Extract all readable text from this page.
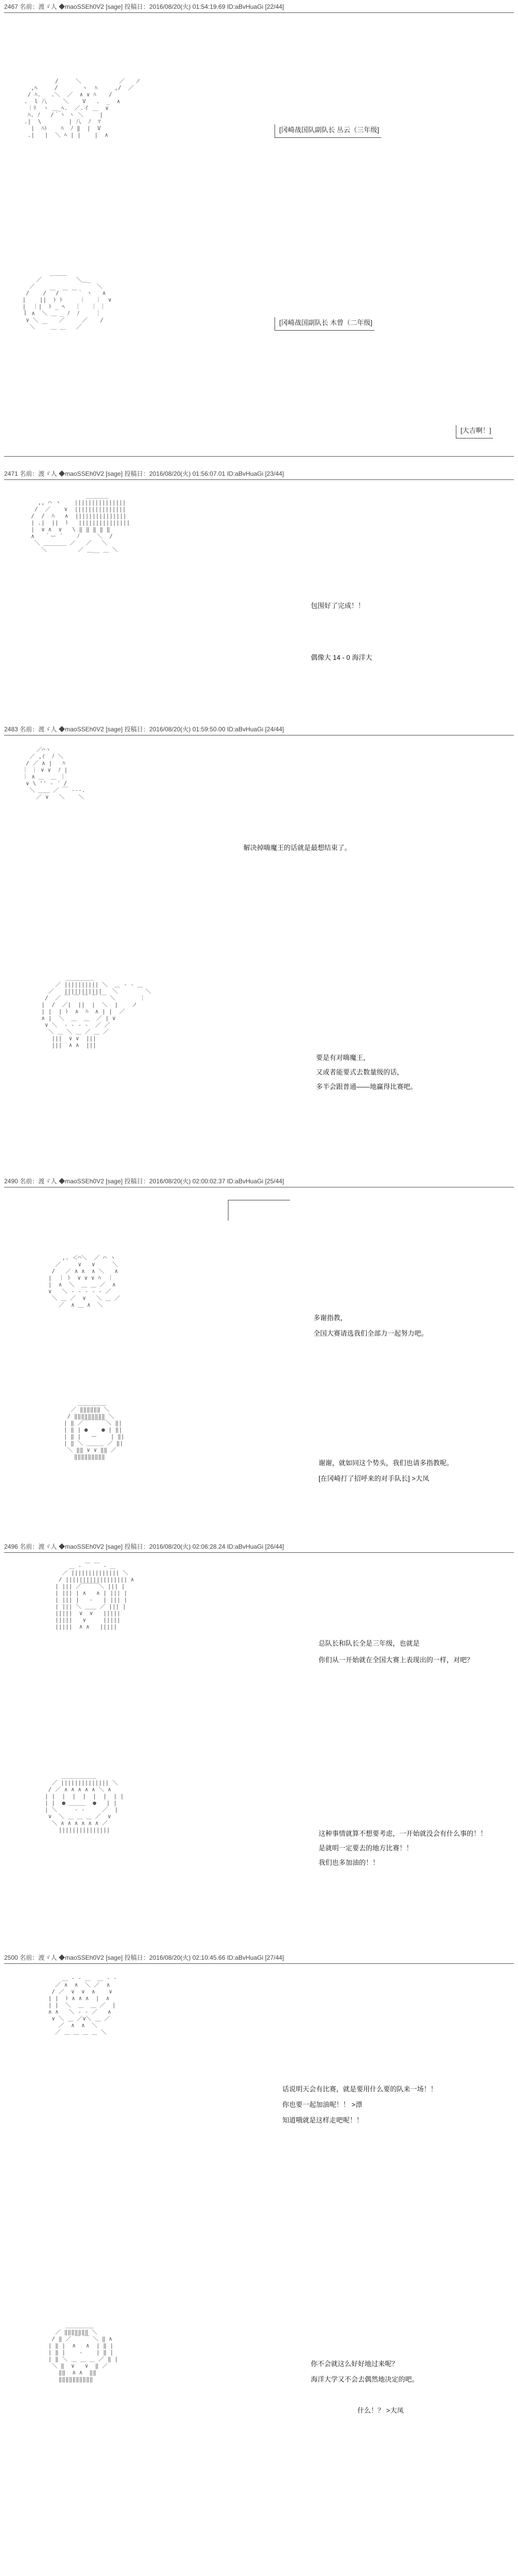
2467 名前：渡ゞ人 ◆maoSSEh0V2 [sage] 投稿日：2016/08/20(火) 01:54:19.69 ID:aBvHuaGi [22/44]
/     ＼           ／   ノ
,ﾍ     /       ヽ  ﾊ     ,/  ／
/ ﾊ.   .＼  ／  ∧ ∨ ﾊ  　/
.  l 八  　 ＼    V   .  _  ∧
｜ﾘ  ヽ ＿_ﾍ.  ／.イ ＿  ∨
ﾊ. ﾉ   /｀丶 ヽ ＼   　|
.|  \ 　　　  | 八  ﾉ  ﾏ
|  ﾊﾄ    ﾊ  ﾉ ‖  |  V
.|   |  ＼ ﾍ | |    |  ∧
[冈崎战国队副队长 丛云（三年级]
＿＿＿
／          ＼＿_
／                  ＼
/    / ￣/ ￣ ￣｀ ヽ   ∧
|    ||  ﾄ ﾄ     ｜   ｜  ∨
|  ｜|  ﾄ _ ﾍ   ｜   ｜ ｜
ｌ ∧  ＼ ＿ _ ﾉ  ﾉ   　｜
∨ ＼      ／     ／  　/
＼  ￣ ＿ ＿   ／
[冈崎战国副队长 木曾（二年级]
[大吉啊！]
2471 名前：渡ゞ人 ◆maoSSEh0V2 [sage] 投稿日：2016/08/20(火) 01:56:07.01 ID:aBvHuaGi [23/44]
＿＿＿＿
,, ⌒ ヽ    |||||||||||||||
/  ／    ∨  |||||||||||||||
/  /  ﾊ   ∧  |||||||||||||||
| .|  ||  ﾄ   |||||||||||||||
|  ∨ ∧  ∨   \ ‖ ‖ ‖ ‖ ‖
∧   ｀ー ´    ﾉ     ＼  /
＼ ＿＿＿＿ ／   ／   ＼
＼         ／ ＿__ ＿ ＼
包围好了完成！！
偶像大 14 - 0 海洋大
2483 名前：渡ゞ人 ◆maoSSEh0V2 [sage] 投稿日：2016/08/20(火) 01:59:50.00 ID:aBvHuaGi [24/44]
／⌒ヽ
／ ,ｲ  ﾉ ＼
/ ／ ∧ |   ﾊ
｜ ｜ ∨ ∨  ﾉ |
｜ ∧ ＿  ＿ ｜
∨ \ '' ‐ ´ /
＼ ＿＿ ／ ￣ ‐--.
／ ∨   ＼    ＼
解决掉嗨魔王的话就是最想结束了。
＿＿＿＿＿
／ |||||||||| ＼  ＿ ‐ ‐ ＿
／   |||||||||||   ＼        ＼
/  ／ ￣ ￣ ￣ ￣ ￣ ＼       ｜
|  /  ／|  ||  |  ＼  |    ノ
| |  | ﾄ  ∧  ﾊ  ∧ | |  ／
∧ |  ＼  ＿  ＿  ／ | ∨
∨ ＼  ‐ ‐ ‐ ‐  ／ ／
＼ ＿ ＼ ＿ ／ ＿ ／
|||  ∨ ∨  |||
|||  ∧ ∧  |||
要是有对嗨魔王，
又或者能要式去数量级的话，
多半会跟普通——地赢得比赛吧。
2490 名前：渡ゞ人 ◆maoSSEh0V2 [sage] 投稿日：2016/08/20(火) 02:00:02.37 ID:aBvHuaGi [25/44]
,. ＜⌒＼  ／ ⌒ ヽ
／     ∨   ∨     ＼
/   ／ ∧ ∧  ∧ ＼   ∧
|  ｜ ﾄ  ∨ ∨ ∨ ﾊ  ｜
|  ∧  ＼  ＿ ＿ ／  ∧
∨   ＼ ‐ ‐ ‐ ‐ ‐ ／
＼ ＿ ／  ∨   ＼ ＿ ／
／  ∧ ＿ ∧  ＼
多谢指教，
全国大赛请选我们全部力一起努力吧。
＿＿＿＿＿
／ ‖‖‖‖‖‖ ＼
/ ‖‖‖‖‖‖‖‖‖ ＼
| ‖ ／￣￣￣￣＼ ‖|
| ‖ | ●    ● | ‖|
| ‖ |   ー    | ‖|
| ‖ ＼ ＿＿＿ ／ ‖|
＼ ‖‖ ∨ ∨ ‖‖ ／
‖‖‖‖‖‖‖‖‖
谢谢，就如同这个势头，我们也请多指教呢。
[在冈崎打了招呼来的对手队长] >大凤
2496 名前：渡ゞ人 ◆maoSSEh0V2 [sage] 投稿日：2016/08/20(火) 02:06:28.24 ID:aBvHuaGi [26/44]
＿ ‐ ￣ ￣ ‐ ＿
／ |||||||||||||| ＼
/ |||||||||||||||||| ∧
| ||| ／￣￣￣＼ ||| |
| ||| | ∧   ∧ | ||| |
| ||| |   ‐   | ||| |
| ||| ＼ ＿＿ ／ ||| |
|||||  ∨  ∨   |||||
|||||   ∨     |||||
|||||  ∧ ∧   |||||
总队长和队长全是三年级，也就是
你们从一开始就在全国大赛上表现出的一样，对吧？
＿＿＿＿＿＿
／ |||||||||||||| ＼
/ ／ ∧ ∧ ∧ ∧ ∧ ＼ ∧
| |  |  |  |  |  |  | |
| |  ● ＿＿＿  ●   | |
| ＼     ‐ ‐     ／  |
∨  ＼ ＿ ＿ ＿ ／  ∨
＼ ∧ ∧ ∧ ∧ ∧ ∧ ／
|||||||||||||||	这种事情就算不想要考虑，一开始就没会有什么事的！！
是就明一定要去的地方比赛！！
我们也多加油的！！
2500 名前：渡ゞ人 ◆maoSSEh0V2 [sage] 投稿日：2016/08/20(火) 02:10:45.66 ID:aBvHuaGi [27/44]
＿ ‐ ‐ ＿  ＿ ‐ ‐
／ ∧  ∧  ＼ ／  ∧
/ ／  ∨  ∨  ∧    ∨
| |  ﾄ ∧ ∧ ∧  |  ∧
| |  ＼  ＿  ＿ ／  |
∧ ∧   ＼ ‐ ‐ ／   ∧
∨ ＼ ＿ ／∨＼ ＿ ／
／  ∧  ∧  ＼
／ ＿ ＿ ＿ ＿ ＼
话说明天会有比赛，就是要用什么要的队来一场！！
你也要一起加油呢！！ >漂
知道哦就是这样走吧呢！！
＿＿＿＿＿
／ ‖‖‖‖‖‖‖ ＼
/ ‖ ／ ￣ ￣ ＼ ‖ ∧
| ‖ |  ∧   ∧  | ‖ |
| ‖ |    ‐    | ‖ |
| ‖ ＼ ＿ ＿ ＿ ／ ‖ |
＼ ‖  ∨   ∨  ‖ ／
‖‖  ∧ ∧  ‖‖
‖‖‖‖‖‖‖‖‖‖
你不会就这么好好地过来呢？
海洋大学又不会去偶然地决定的吧。
什么！？ >大凤
